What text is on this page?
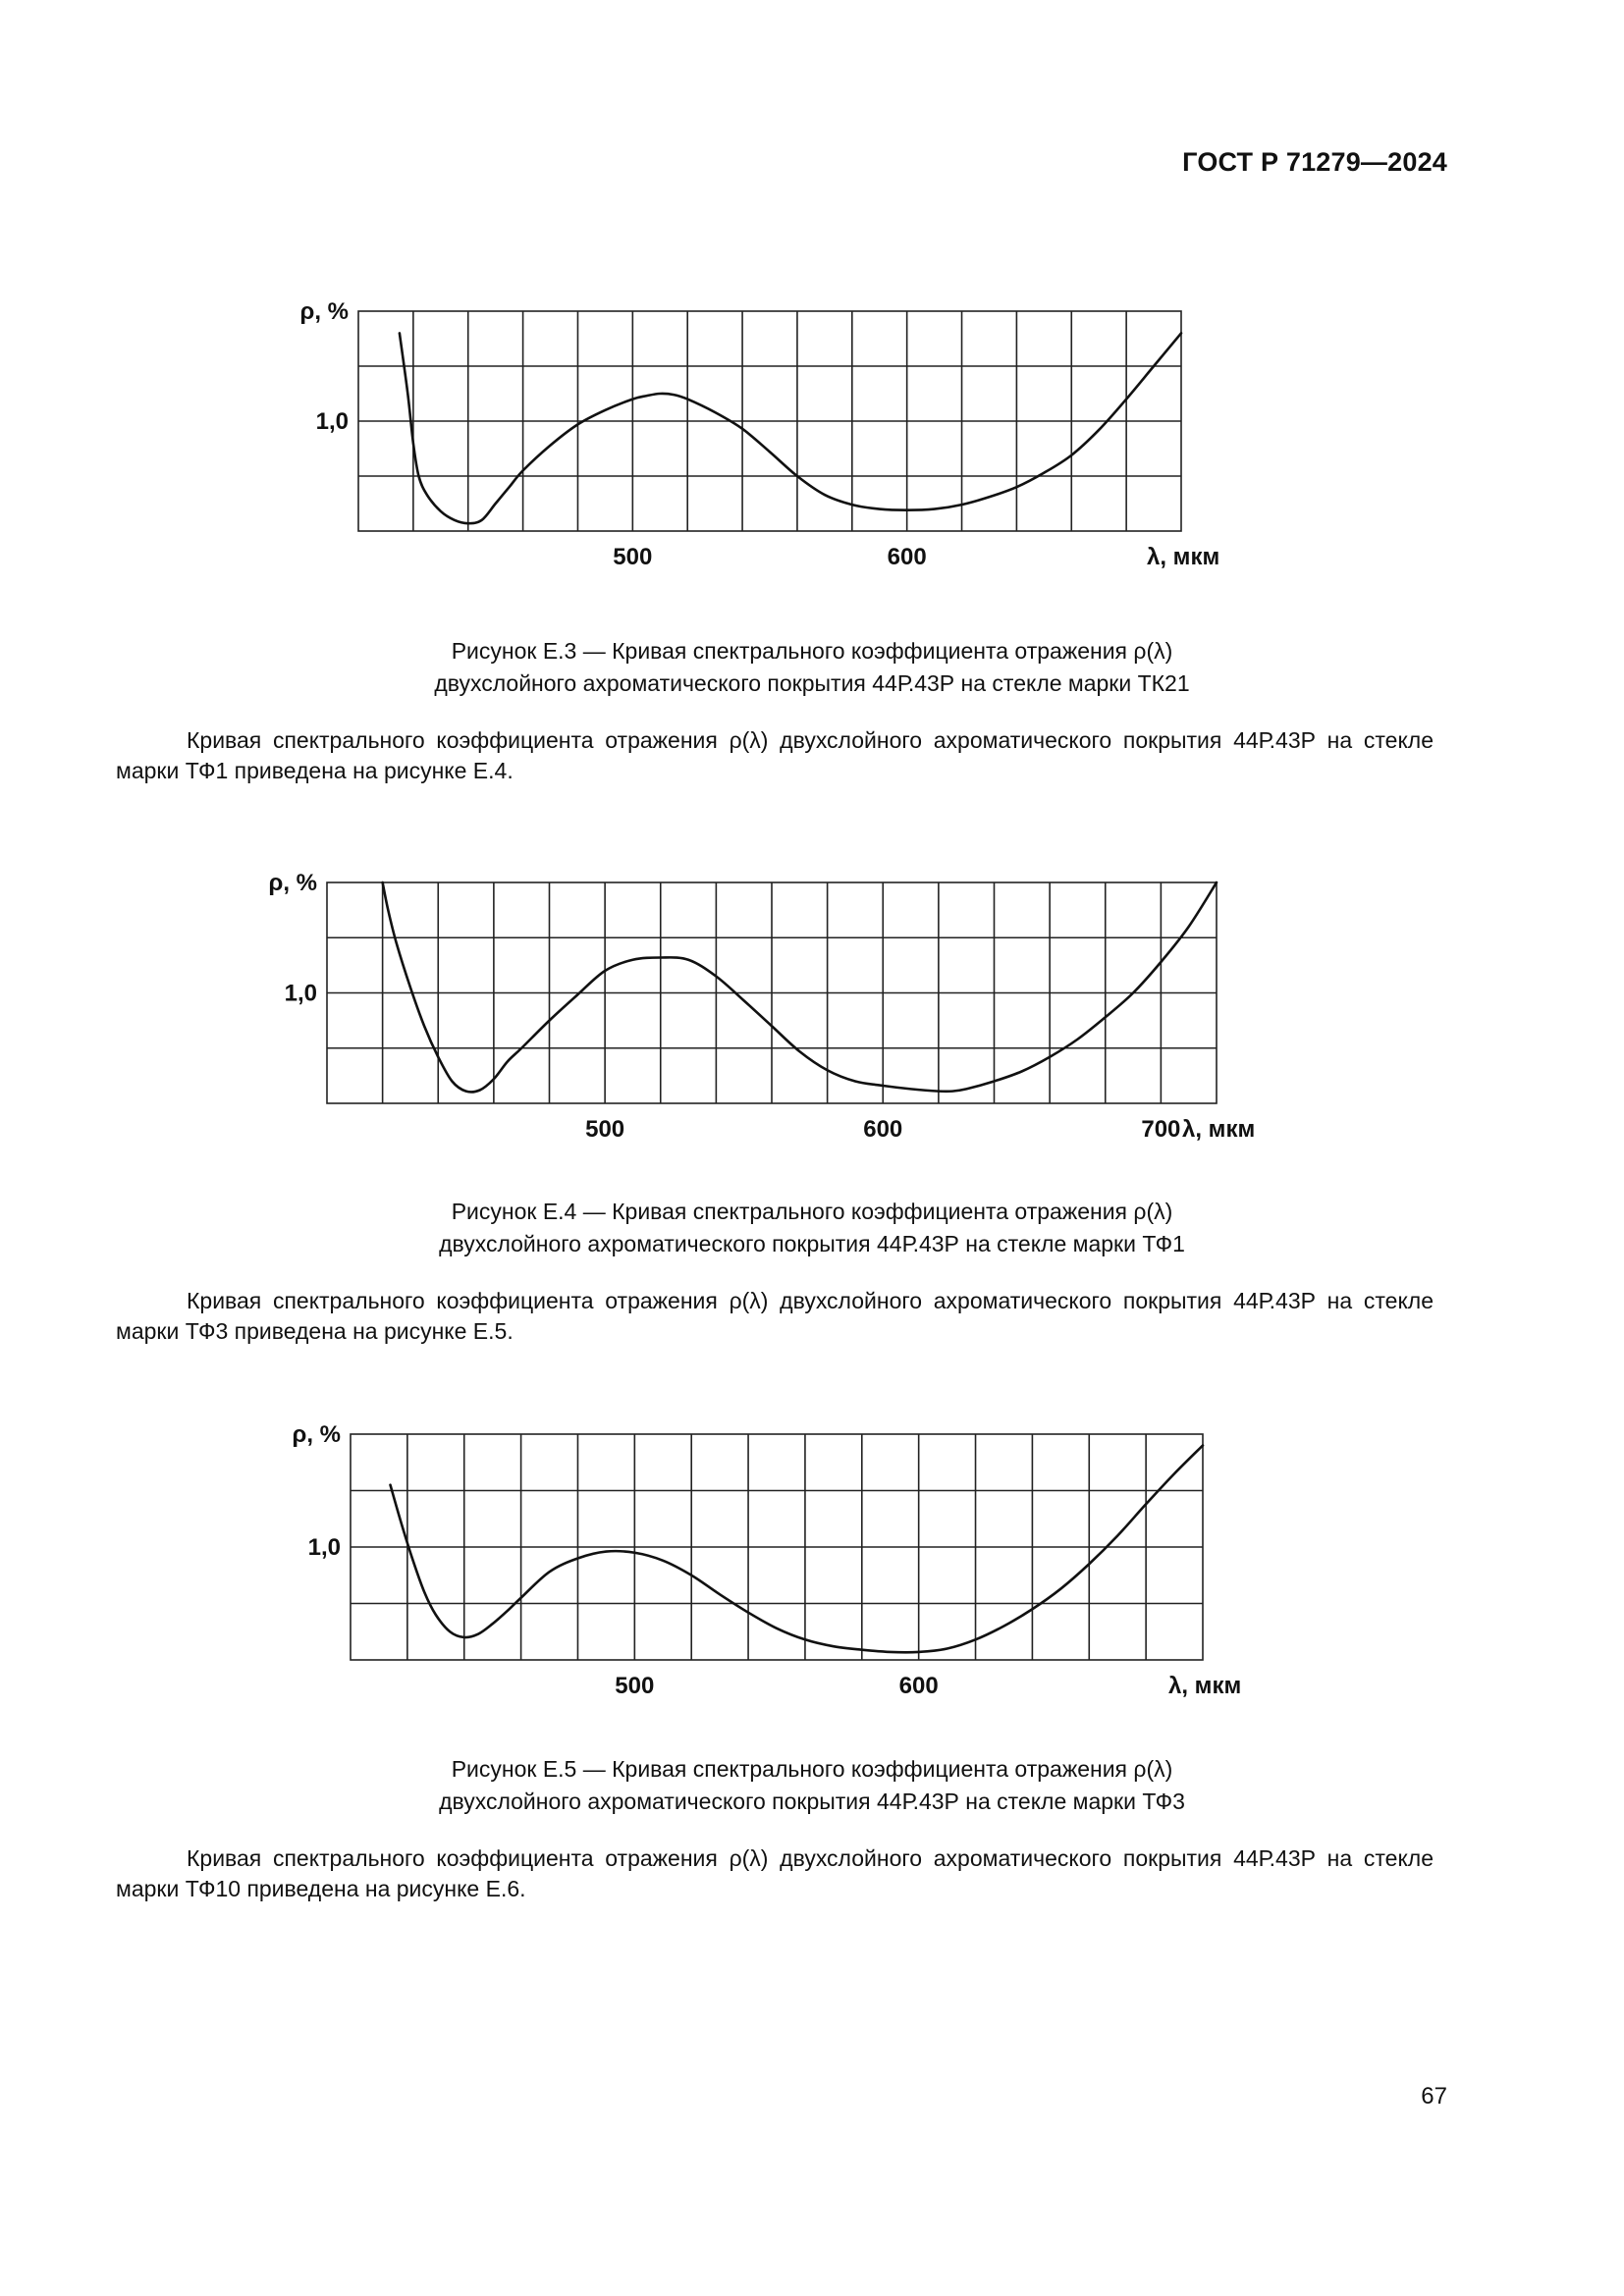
ГОСТ Р 71279—2024
500	600
1,0
ρ, %
λ, мкм
Рисунок Е.3 — Кривая спектрального коэффициента отражения ρ(λ)
двухслойного ахроматического покрытия 44Р.43Р на стекле марки ТК21
Кривая спектрального коэффициента отражения ρ(λ) двухслойного ахроматического покрытия 44Р.43Р на стекле марки ТФ1 приведена на рисунке Е.4.
500	600	700
1,0
ρ, %
λ, мкм
Рисунок Е.4 — Кривая спектрального коэффициента отражения ρ(λ)
двухслойного ахроматического покрытия 44Р.43Р на стекле марки ТФ1
Кривая спектрального коэффициента отражения ρ(λ) двухслойного ахроматического покрытия 44Р.43Р на стекле марки ТФ3 приведена на рисунке Е.5.
500	600
1,0
ρ, %
λ, мкм
Рисунок Е.5 — Кривая спектрального коэффициента отражения ρ(λ)
двухслойного ахроматического покрытия 44Р.43Р на стекле марки ТФ3
Кривая спектрального коэффициента отражения ρ(λ) двухслойного ахроматического покрытия 44Р.43Р на стекле марки ТФ10 приведена на рисунке Е.6.
67
